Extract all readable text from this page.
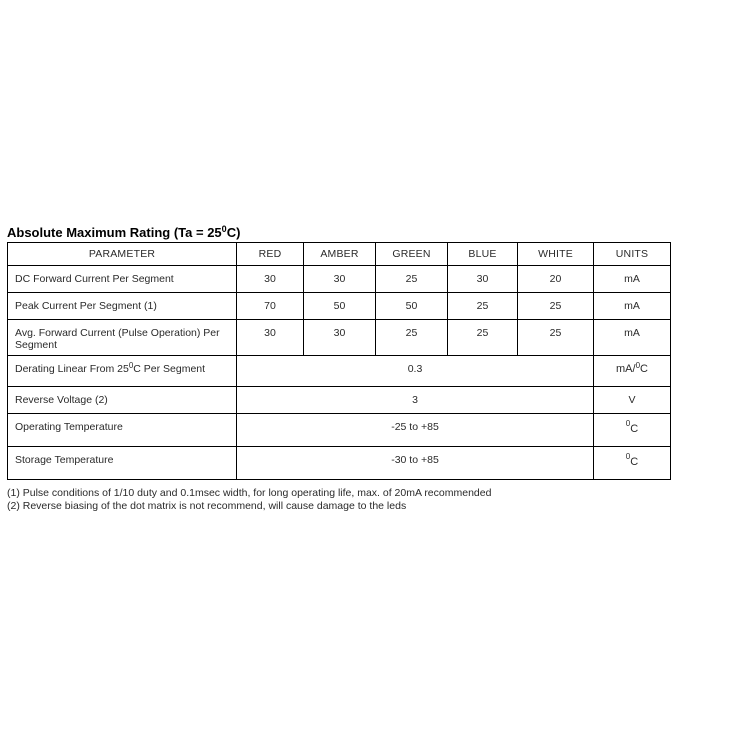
Absolute Maximum Rating $(Ta = 25^0C)$
PARAMETER	RED	AMBER	GREEN	BLUE	WHITE	UNITS
DC Forward Current Per Segment	30	30	25	30	20	mA
Peak Current Per Segment (1)	70	50	50	25	25	mA
Avg. Forward Current (Pulse Operation) Per Segment	30	30	25	25	25	mA
Derating Linear From $25^0C$ Per Segment	0.3					mA/$^0$C
Reverse Voltage (2)	3					V
Operating Temperature	-25 to +85					$^0_C$
Storage Temperature	-30 to +85					$^0_C$
(1) Pulse conditions of 1/10 duty and 0.1msec width, for long operating life, max. of 20mA recommended
(2) Reverse biasing of the dot matrix is not recommend, will cause damage to the leds
